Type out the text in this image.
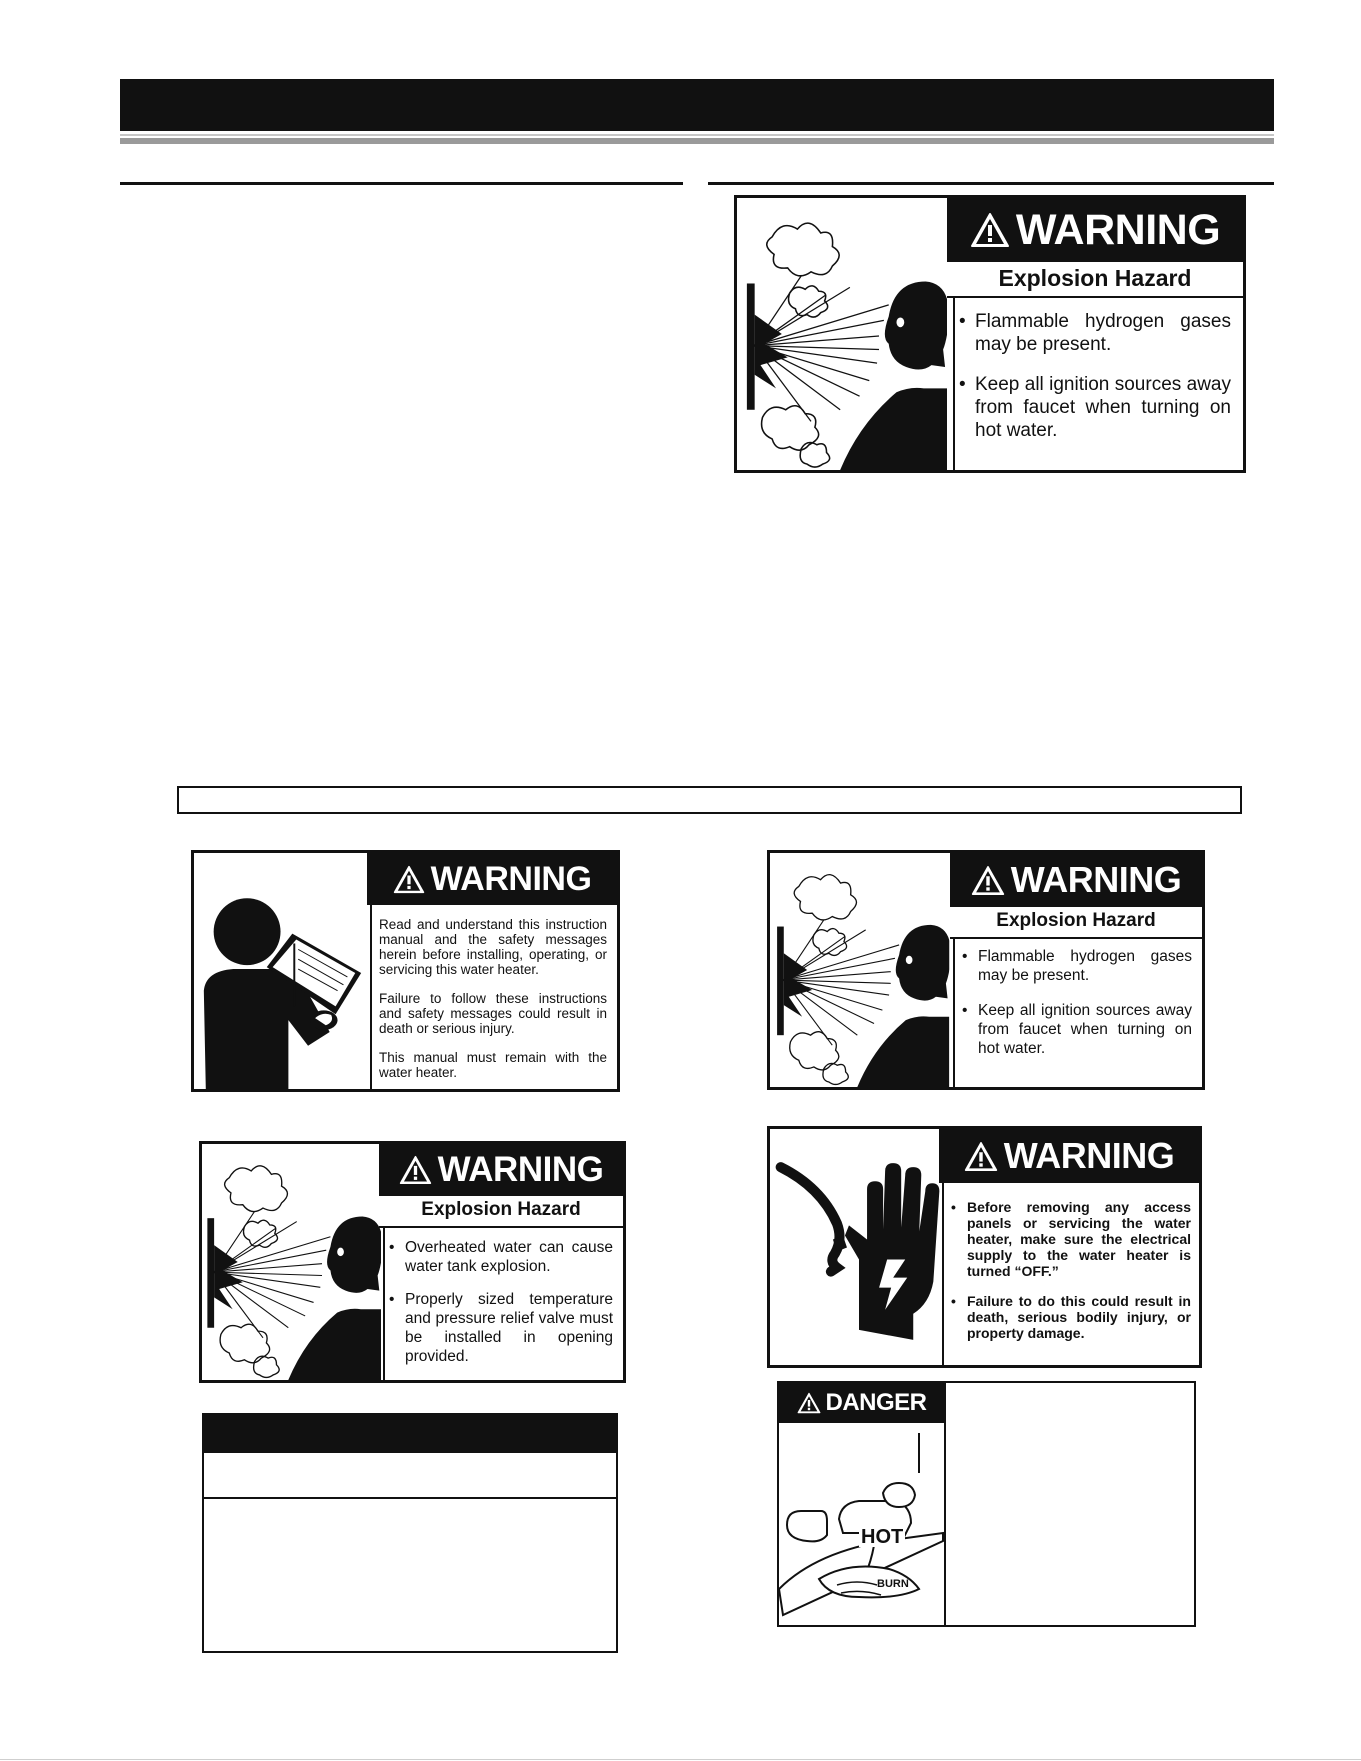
WARNING
Explosion Hazard
• Flammable hydrogen gases may be present.
• Keep all ignition sources away from faucet when turning on hot water.
WARNING

Read and understand this instruction manual and the safety messages herein before installing, operating, or servicing this water heater.

Failure to follow these instructions and safety messages could result in death or serious injury.

This manual must remain with the water heater.

WARNING
Explosion Hazard
• Flammable hydrogen gases may be present.
• Keep all ignition sources away from faucet when turning on hot water.
WARNING
Explosion Hazard
• Overheated water can cause water tank explosion.
• Properly sized temperature and pressure relief valve must be installed in opening provided.
WARNING
• Before removing any access panels or servicing the water heater, make sure the electrical supply to the water heater is turned “OFF.”
• Failure to do this could result in death, serious bodily injury, or property damage.
DANGER
HOT
BURN
